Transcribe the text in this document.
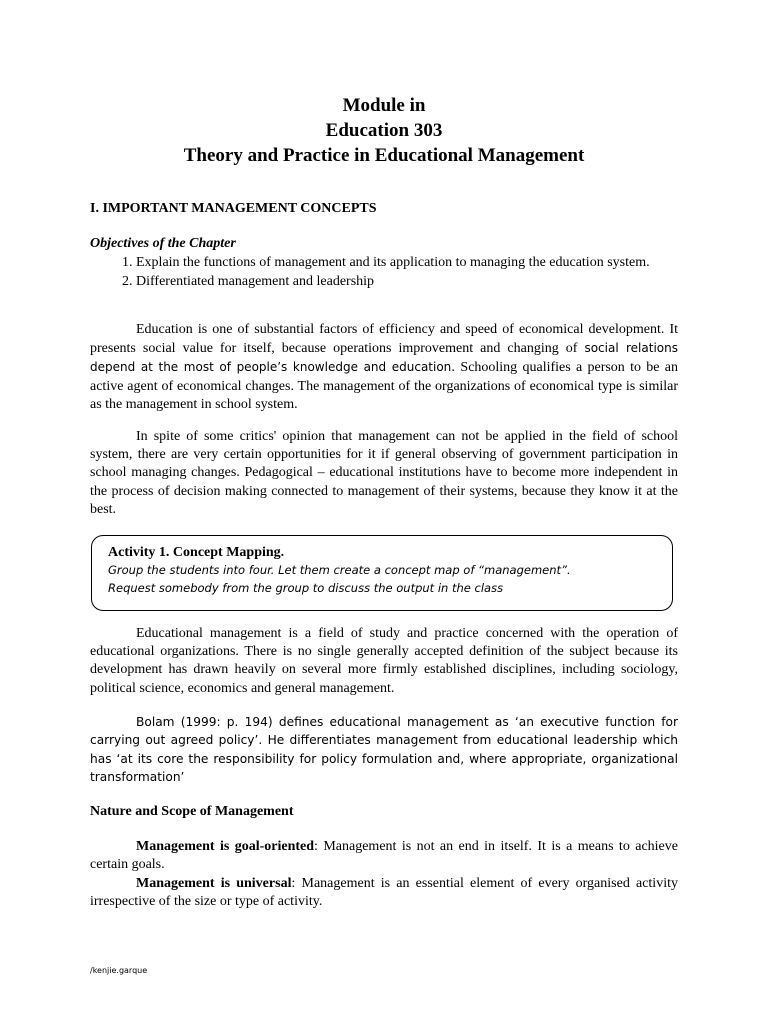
Module in
Education 303
Theory and Practice in Educational Management
I. IMPORTANT MANAGEMENT CONCEPTS
Objectives of the Chapter
1. Explain the functions of management and its application to managing the education system.
2. Differentiated management and leadership

Education is one of substantial factors of efficiency and speed of economical development. It presents social value for itself, because operations improvement and changing of social relations depend at the most of people’s knowledge and education. Schooling qualifies a person to be an active agent of economical changes. The management of the organizations of economical type is similar as the management in school system.

In spite of some critics' opinion that management can not be applied in the field of school system, there are very certain opportunities for it if general observing of government participation in school managing changes. Pedagogical – educational institutions have to become more independent in the process of decision making connected to management of their systems, because they know it at the best.

Activity 1. Concept Mapping.
Group the students into four. Let them create a concept map of “management”.
Request somebody from the group to discuss the output in the class

Educational management is a field of study and practice concerned with the operation of educational organizations. There is no single generally accepted definition of the subject because its development has drawn heavily on several more firmly established disciplines, including sociology, political science, economics and general management.

Bolam (1999: p. 194) defines educational management as ‘an executive function for carrying out agreed policy’. He differentiates management from educational leadership which has ‘at its core the responsibility for policy formulation and, where appropriate, organizational transformation’

Nature and Scope of Management

Management is goal-oriented: Management is not an end in itself. It is a means to achieve certain goals.

Management is universal: Management is an essential element of every organised activity irrespective of the size or type of activity.

/kenjie.garque
